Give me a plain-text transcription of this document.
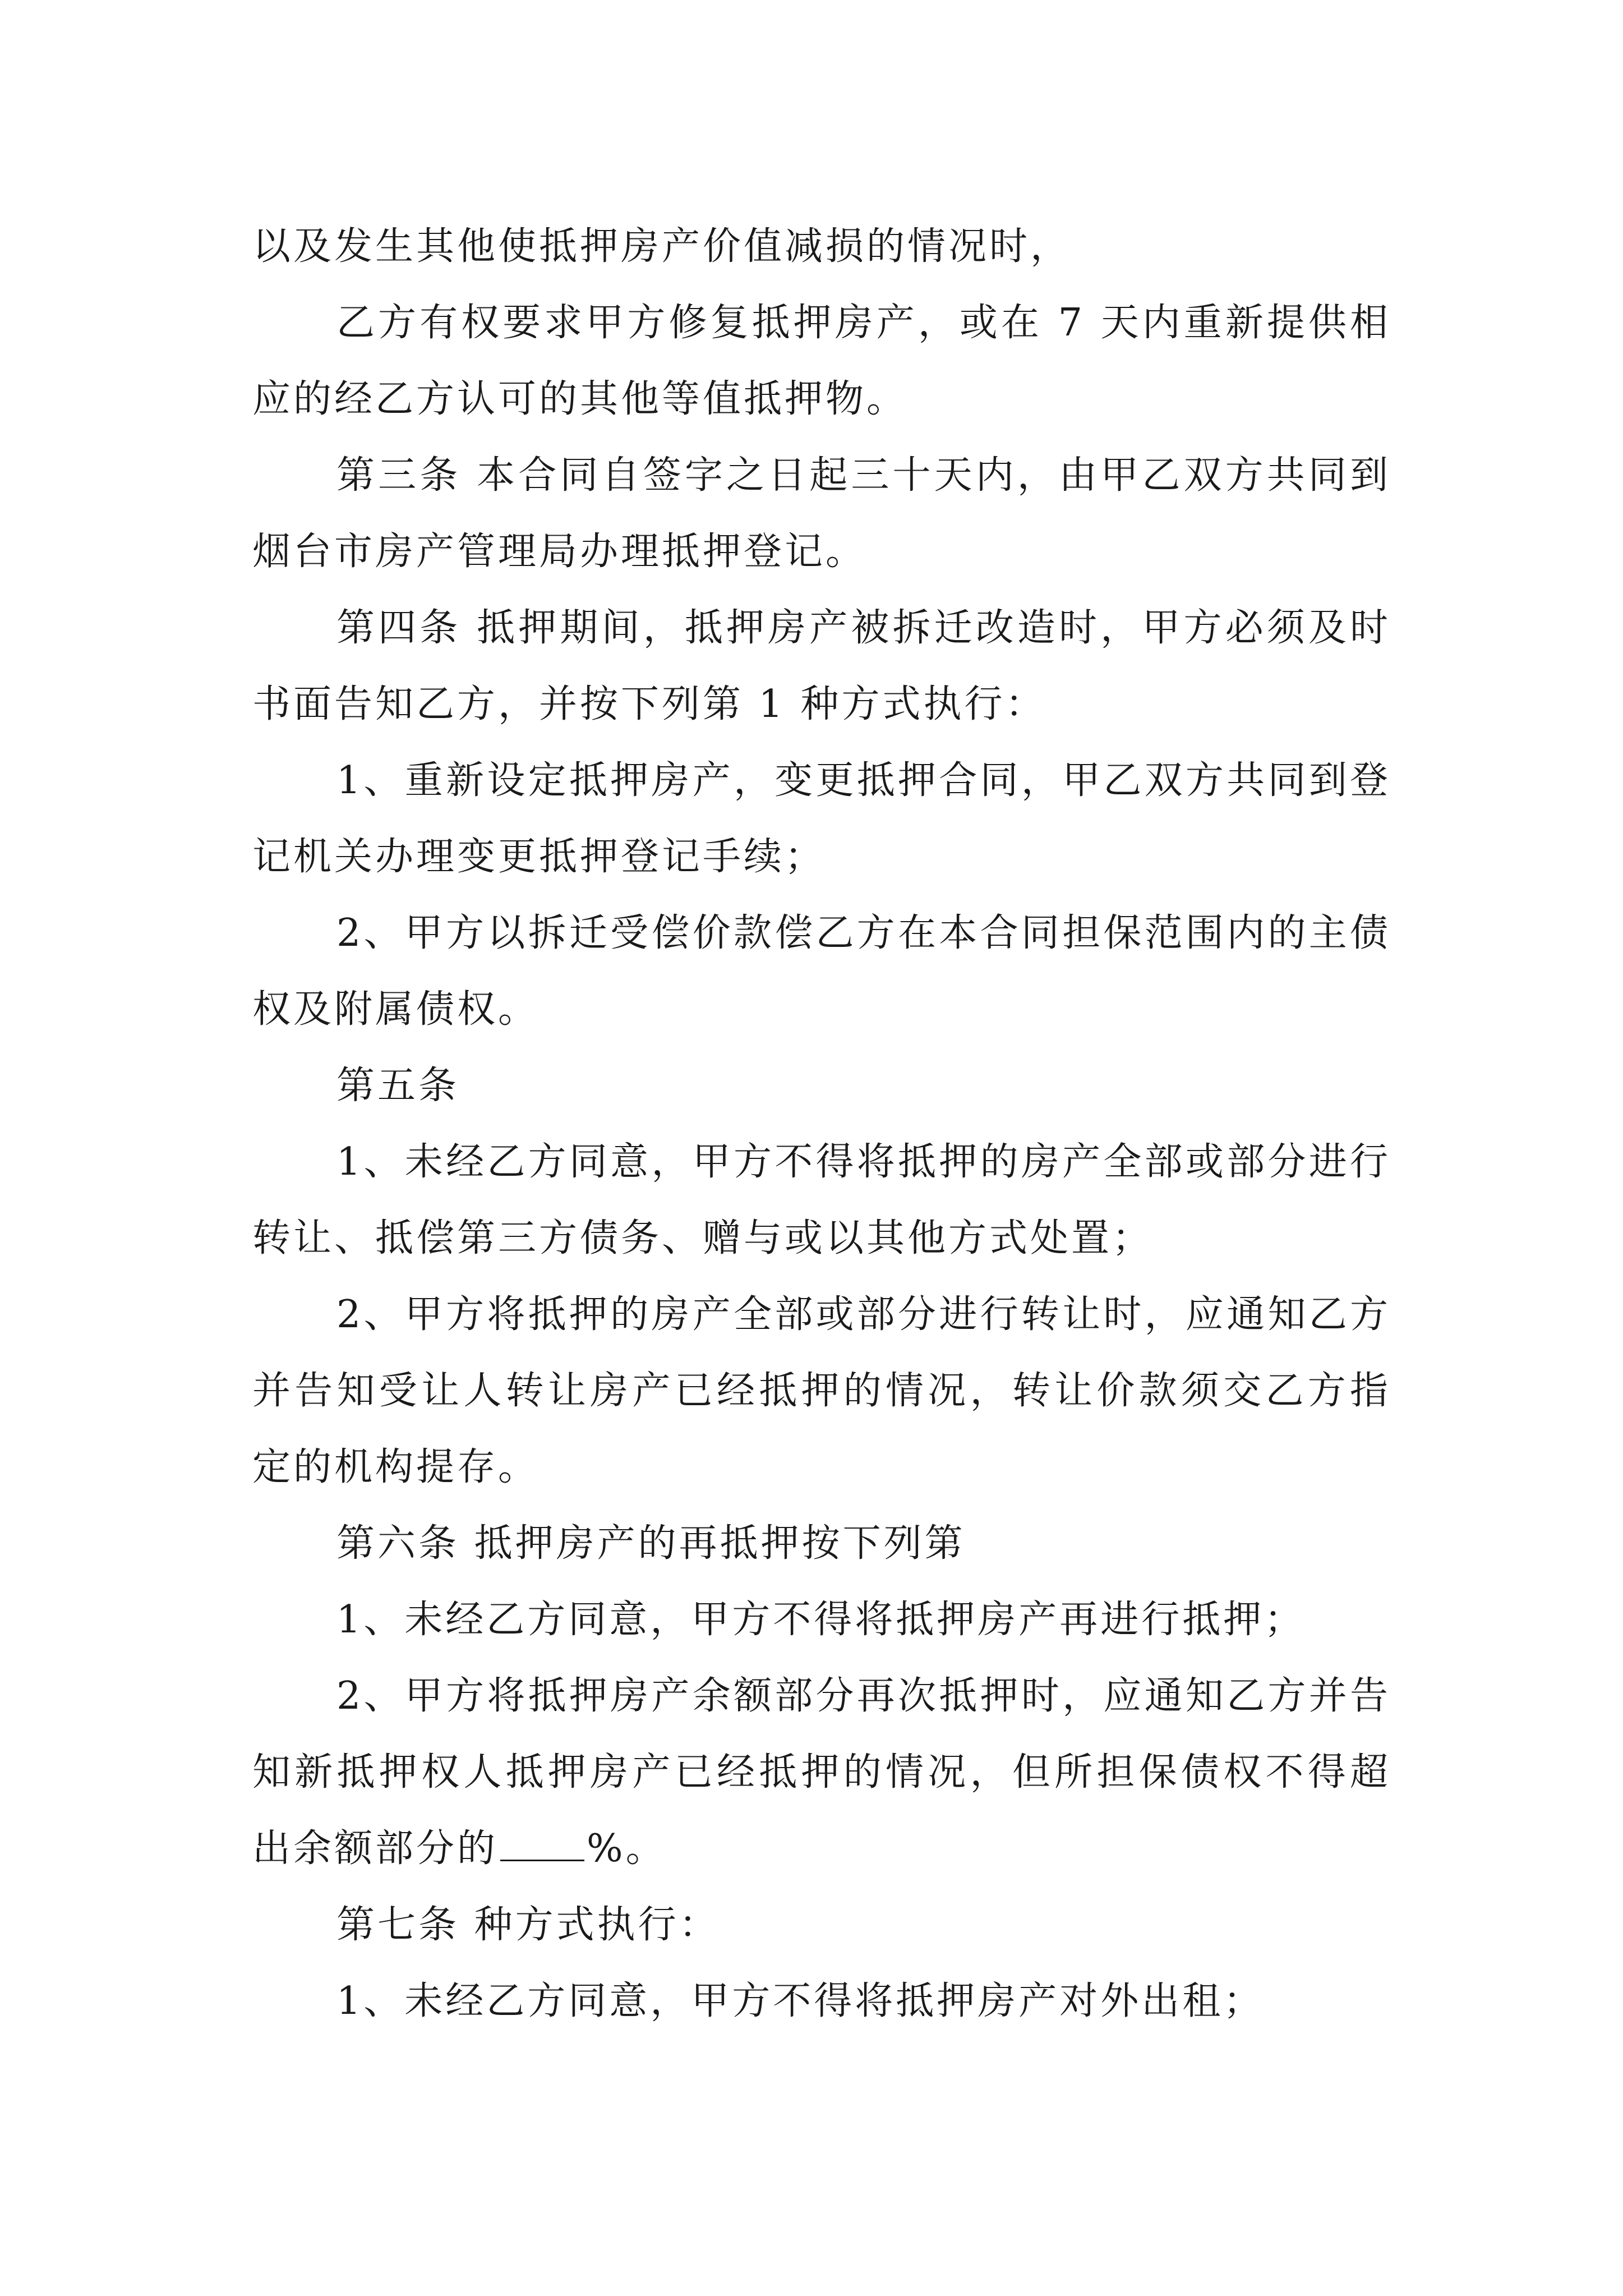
以及发生其他使抵押房产价值减损的情况时，

乙方有权要求甲方修复抵押房产，或在 7 天内重新提供相应的经乙方认可的其他等值抵押物。

第三条 本合同自签字之日起三十天内，由甲乙双方共同到烟台市房产管理局办理抵押登记。

第四条 抵押期间，抵押房产被拆迁改造时，甲方必须及时书面告知乙方，并按下列第 1 种方式执行：

1、重新设定抵押房产，变更抵押合同，甲乙双方共同到登记机关办理变更抵押登记手续；

2、甲方以拆迁受偿价款偿乙方在本合同担保范围内的主债权及附属债权。

第五条

1、未经乙方同意，甲方不得将抵押的房产全部或部分进行转让、抵偿第三方债务、赠与或以其他方式处置；

2、甲方将抵押的房产全部或部分进行转让时，应通知乙方并告知受让人转让房产已经抵押的情况，转让价款须交乙方指定的机构提存。

第六条 抵押房产的再抵押按下列第

1、未经乙方同意，甲方不得将抵押房产再进行抵押；

2、甲方将抵押房产余额部分再次抵押时，应通知乙方并告知新抵押权人抵押房产已经抵押的情况，但所担保债权不得超出余额部分的 %。

第七条 种方式执行：

1、未经乙方同意，甲方不得将抵押房产对外出租；
